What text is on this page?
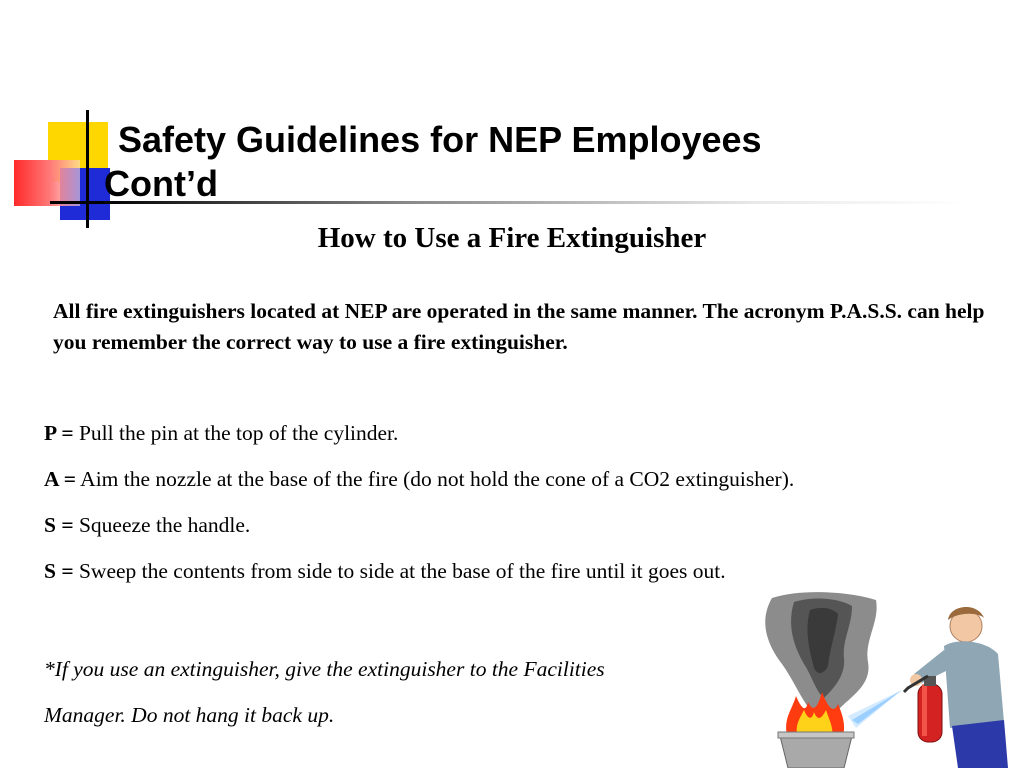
Safety Guidelines for NEP Employees
Cont’d
How to Use a Fire Extinguisher
All fire extinguishers located at NEP are operated in the same manner. The acronym P.A.S.S. can help you remember the correct way to use a fire extinguisher.
P = Pull the pin at the top of the cylinder.
A = Aim the nozzle at the base of the fire (do not hold the cone of a CO2 extinguisher).
S = Squeeze the handle.
S = Sweep the contents from side to side at the base of the fire until it goes out.
*If you use an extinguisher, give the extinguisher to the Facilities
Manager. Do not hang it back up.
